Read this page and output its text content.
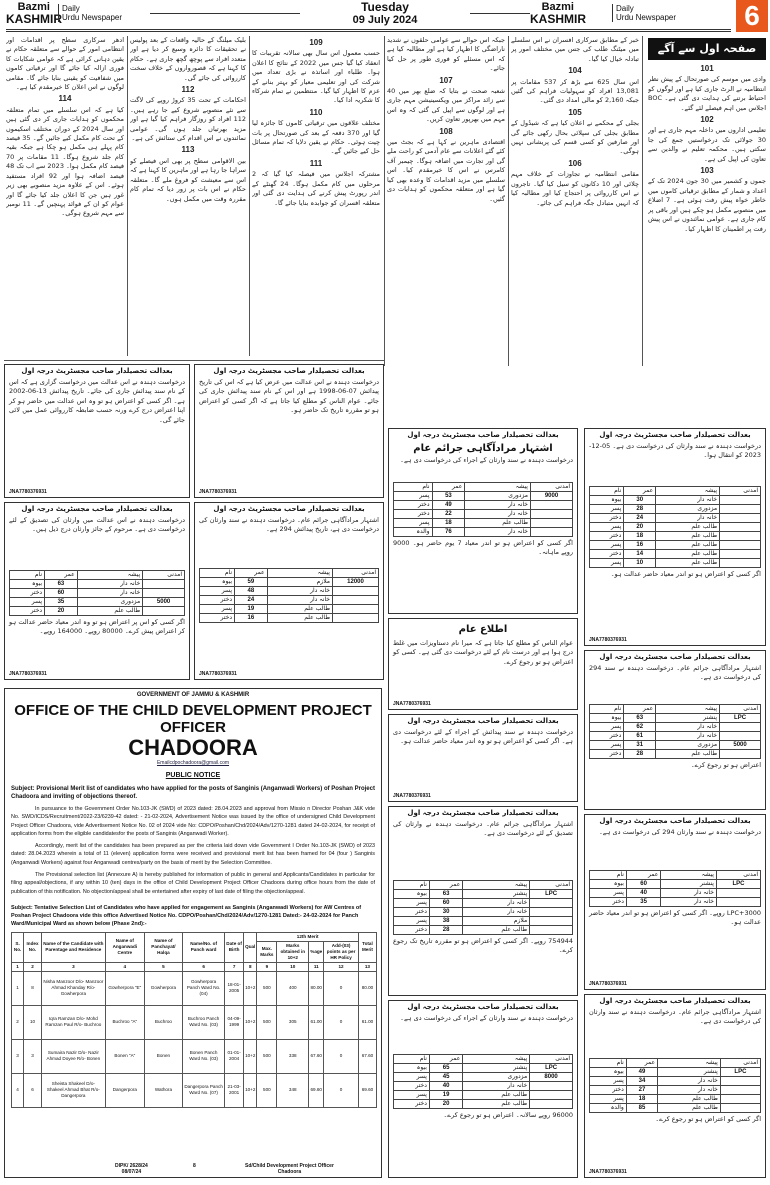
Bazmi
KASHMIR
Daily
Urdu Newspaper
Tuesday
09 July 2024
Bazmi
KASHMIR
Daily
Urdu Newspaper 6
ادھر سرکاری سطح پر اقدامات اور انتظامی امور کے حوالے سے متعلقہ حکام نے یقین دہانی کرائی ہے کہ عوامی شکایات کا فوری ازالہ کیا جائے گا اور ترقیاتی کاموں میں شفافیت کو یقینی بنایا جائے گا۔ مقامی لوگوں نے اس اعلان کا خیرمقدم کیا ہے۔
114
کیا ہے کہ اس سلسلے میں تمام متعلقہ محکموں کو ہدایات جاری کر دی گئی ہیں اور سال 2024 کے دوران مختلف اسکیموں کے تحت کام مکمل کیے جائیں گے۔ 35 فیصد کام پہلے ہی مکمل ہو چکا ہے جبکہ بقیہ کام جلد شروع ہوگا۔ 11 مقامات پر 70 فیصد کام مکمل ہوا۔ 2023 سے اب تک 48 فیصد اضافہ ہوا اور 92 افراد مستفید ہوئے۔ اس کے علاوہ مزید منصوبے بھی زیر غور ہیں جن کا اعلان جلد کیا جائے گا اور عوام کو ان کے فوائد پہنچیں گے۔ 11 نومبر سے مہم شروع ہوگی۔
بلیک میلنگ کے حالیہ واقعات کے بعد پولیس نے تحقیقات کا دائرہ وسیع کر دیا ہے اور متعدد افراد سے پوچھ گچھ جاری ہے۔ حکام کا کہنا ہے کہ قصورواروں کے خلاف سخت کارروائی کی جائے گی۔
112
احکامات کے تحت 35 کروڑ روپے کی لاگت سے نئے منصوبے شروع کیے جا رہے ہیں۔ 112 افراد کو روزگار فراہم کیا گیا ہے اور مزید بھرتیاں جلد ہوں گی۔ عوامی نمائندوں نے اس اقدام کی ستائش کی ہے۔
113
بین الاقوامی سطح پر بھی اس فیصلے کو سراہا جا رہا ہے اور ماہرین کا کہنا ہے کہ اس سے معیشت کو فروغ ملے گا۔ متعلقہ حکام نے اس بات پر زور دیا کہ تمام کام مقررہ وقت میں مکمل ہوں۔
109
حسب معمول اس سال بھی سالانہ تقریبات کا انعقاد کیا گیا جس میں 2022 کے نتائج کا اعلان ہوا۔ طلباء اور اساتذہ نے بڑی تعداد میں شرکت کی اور تعلیمی معیار کو بہتر بنانے کے عزم کا اظہار کیا گیا۔ منتظمین نے تمام شرکاء کا شکریہ ادا کیا۔
110
مختلف علاقوں میں ترقیاتی کاموں کا جائزہ لیا گیا اور 370 دفعہ کے بعد کی صورتحال پر بات چیت ہوئی۔ حکام نے یقین دلایا کہ تمام مسائل حل کیے جائیں گے۔
111
مشترکہ اجلاس میں فیصلہ کیا گیا کہ 2 مرحلوں میں کام مکمل ہوگا۔ 24 گھنٹے کے اندر رپورٹ پیش کرنے کی ہدایت دی گئی اور متعلقہ افسران کو جوابدہ بنایا جائے گا۔
جبکہ اس حوالے سے عوامی حلقوں نے شدید ناراضگی کا اظہار کیا ہے اور مطالبہ کیا ہے کہ اس مسئلے کو فوری طور پر حل کیا جائے۔
107
شعبہ صحت نے بتایا کہ ضلع بھر میں 40 سے زائد مراکز میں ویکسینیشن مہم جاری ہے اور لوگوں سے اپیل کی گئی کہ وہ اس مہم میں بھرپور تعاون کریں۔
108
اقتصادی ماہرین نے کہا ہے کہ بجٹ میں کئے گئے اعلانات سے عام آدمی کو راحت ملے گی اور تجارت میں اضافہ ہوگا۔ چیمبر آف کامرس نے اس کا خیرمقدم کیا۔ اس سلسلے میں مزید اقدامات کا وعدہ بھی کیا گیا ہے اور متعلقہ محکموں کو ہدایات دی گئیں۔
خبر کے مطابق سرکاری افسران نے اس سلسلے میں میٹنگ طلب کی جس میں مختلف امور پر تبادلہ خیال کیا گیا۔
104
اس سال 625 سے بڑھ کر 537 مقامات پر 13,081 افراد کو سہولیات فراہم کی گئیں جبکہ 2,160 کو مالی امداد دی گئی۔
105
بجلی کے محکمے نے اعلان کیا ہے کہ شیڈول کے مطابق بجلی کی سپلائی بحال رکھی جائے گی اور صارفین کو کسی قسم کی پریشانی نہیں ہوگی۔
106
مقامی انتظامیہ نے تجاوزات کے خلاف مہم چلائی اور 10 دکانوں کو سیل کیا گیا۔ تاجروں نے اس کارروائی پر احتجاج کیا اور مطالبہ کیا کہ انہیں متبادل جگہ فراہم کی جائے۔
صفحہ اول سے آگے
101
وادی میں موسم کی صورتحال کے پیش نظر انتظامیہ نے الرٹ جاری کیا ہے اور لوگوں کو احتیاط برتنے کی ہدایت دی گئی ہے۔ BOC اجلاس میں اہم فیصلے لئے گئے۔
102
تعلیمی اداروں میں داخلہ مہم جاری ہے اور 30 جولائی تک درخواستیں جمع کی جا سکتی ہیں۔ محکمہ تعلیم نے والدین سے تعاون کی اپیل کی ہے۔
103
جموں و کشمیر میں 30 جون 2024 تک کے اعداد و شمار کے مطابق ترقیاتی کاموں میں خاطر خواہ پیش رفت ہوئی ہے۔ 7 اضلاع میں منصوبے مکمل ہو چکے ہیں اور باقی پر کام جاری ہے۔ عوامی نمائندوں نے اس پیش رفت پر اطمینان کا اظہار کیا۔
بعدالت تحصیلدار صاحب مجسٹریٹ درجہ اول
درخواست دہندہ نے اس عدالت میں درخواست گزاری ہے کہ اس کے نام سند پیدائش جاری کی جائے۔ تاریخ پیدائش 13-06-2002 ہے۔ اگر کسی کو اعتراض ہو تو وہ اس عدالت میں حاضر ہو کر اپنا اعتراض درج کرے ورنہ حسب ضابطہ کارروائی عمل میں لائی جائے گی۔
JNA7780376931
بعدالت تحصیلدار صاحب مجسٹریٹ درجہ اول
درخواست دہندہ نے اس عدالت میں عرض کیا ہے کہ اس کی تاریخ پیدائش 07-06-1998 ہے اور اس کے نام سند پیدائش جاری کی جائے۔ عوام الناس کو مطلع کیا جاتا ہے کہ اگر کسی کو اعتراض ہو تو مقررہ تاریخ تک حاضر ہو۔
JNA7780376931
بعدالت تحصیلدار صاحب مجسٹریٹ درجہ اول
درخواست دہندہ نے اس عدالت میں وارثان کی تصدیق کے لئے درخواست دی ہے۔ مرحوم کے جائز وارثان درج ذیل ہیں۔
آمدنی	پیشہ	عمر	نام
	خانہ دار	63	بیوہ
	خانہ دار	60	دختر
5000	مزدوری	35	پسر
	طالب علم	20	دختر
اگر کسی کو اس پر اعتراض ہو تو وہ اندر معیاد حاضر عدالت ہو کر اعتراض پیش کرے۔ 80000 روپے۔ 164000 روپے۔
JNA7780376931
بعدالت تحصیلدار صاحب مجسٹریٹ درجہ اول
اشتہار مرادآگاہی جرائم عام۔ درخواست دہندہ نے سند وارثان کی درخواست دی ہے، تاریخ پیدائش 294 ہے۔
آمدنی	پیشہ	عمر	نام
12000	ملازم	59	بیوہ
	خانہ دار	48	پسر
	خانہ دار	24	دختر
	طالب علم	19	پسر
	طالب علم	16	دختر
JNA7780376931
GOVERNMENT OF JAMMU & KASHMIR
OFFICE OF THE CHILD DEVELOPMENT PROJECT OFFICER
CHADOORA
Emailcdpochadoora@gmail.com
PUBLIC NOTICE
Subject: Provisional Merit list of candidates who have applied for the posts of Sanginis (Anganwadi Workers) of Poshan Project Chadoora and inviting of objections thereof.
In pursuance to the Government Order No.103-JK (SWD) of 2023 dated: 28.04.2023 and approval from Missio n Director Poshan J&K vide No. SWD/ICDS/Recruitment/2022-23/6239-42 dated: - 21-02-2024, Advertisement Notice was issued by the office of undersigned Child Development Project Officer Chadoora, vide Advertisement Notice No. 02 of 2024 vide No: CDPO/Poshan/Chd/2024/Adv/1270-1281 dated 24-02-2024, for receipt of application forms from the eligible candidatesfor the posts of Sanginis (Anganwadi Worker).
Accordingly, merit list of the candidates has been prepared as per the criteria laid down vide Government I Order No.103-JK (SWD) of 2023 dated: 28.04.2023 wherein a total of 11 (eleven) application forms were received and provisional merit list has been framed for 04 (four ) Sanginis (Anganwadi Workers) against four Anganwadi centres/party on the basis of merit by the Selection Committee.
The Provisional selection list (Annexure A) is hereby published for information of public in general and Applicants/Candidates in particular for filing appeal/objections, if any within 10 (ten) days in the office of Child Development Project Officer Chadoora during office hours from the date of publication of this notification. No objection/appeal shall be entertained after expiry of last date of filing the objection/appeal.
Subject: Tentative Selection List of Candidates who have applied for engagement as Sanginis (Anganwadi Workers) for AW Centres of Poshan Project Chadoora vide this office Advertised Notice No. CDPO/Poshan/Chd/2024/Adv/1270-1281 Dated:- 24-02-2024 for Panch Ward/Municipal Ward as shown below (Phase 2nd):-
S. No.	Index No.	Name of the Candidate with Parentage and Residence	Name of Anganwadi Centre	Name of Panchayat/ Halqa	Name/No. of Panch ward	Date of Birth	Qual	12th Merit				Total Merit
								Max. Marks	Marks obtained in 10+2	%age	Add-(03) points as per HR Policy	
1	2	3	4	5	6	7	8	9	10	11	12	13
1	8	Nisha Manzoor D/o- Manzoor Ahmad Khanday R/o- Gowherpora	Gowherpora "E"	Gowherpora	Gowherpora Panch Ward No. (04)	18-01-2005	10+2	500	400	80.00	0	80.00
2	10	Iqra Ramzan D/o- Mohd Ramzan Paul R/o- Buchroo	Buchroo "A"	Buchroo	Buchroo Panch Ward No. (03)	04-09-1999	10+2	500	305	61.00	0	61.00
3	3	Sumaira Nazir D/o- Nazir Ahmad Doyee R/o- Bonen	Bonen "A"	Bonen	Bonen Panch Ward No. (03)	01-01-2004	10+2	500	338	67.60	0	67.60
4	6	Sheista Shakeel D/o- Shakeel Ahmad Bhat R/o- Dangerpora	Dangerpora	Wathora	Dangerpora Panch Ward No. (07)	21-03-2001	10+2	500	348	69.60	0	69.60
DIPK/ 2628/24
08/07/24
8	Sd/Child Development Project Officer
Chadoora
بعدالت تحصیلدار صاحب مجسٹریٹ درجہ اول
اشتہار مرادآگاہی جرائم عام
درخواست دہندہ نے سند وارثان کے اجراء کی درخواست دی ہے۔
آمدنی	پیشہ	عمر	نام
9000	مزدوری	53	پسر
	خانہ دار	49	دختر
	خانہ دار	22	دختر
	طالب علم	18	پسر
	خانہ دار	76	والدہ
اگر کسی کو اعتراض ہو تو اندر معیاد 7 یوم حاضر ہو۔ 9000 روپے ماہانہ۔
اطلاع عام
عوام الناس کو مطلع کیا جاتا ہے کہ میرا نام دستاویزات میں غلط درج ہوا ہے اور درست نام کے لئے درخواست دی گئی ہے۔ کسی کو اعتراض ہو تو رجوع کرے۔
JNA7780376931
بعدالت تحصیلدار صاحب مجسٹریٹ درجہ اول
درخواست دہندہ نے سند پیدائش کے اجراء کے لئے درخواست دی ہے۔ اگر کسی کو اعتراض ہو تو وہ اندر معیاد حاضر عدالت ہو۔
JNA7780376931
بعدالت تحصیلدار صاحب مجسٹریٹ درجہ اول
اشتہار مرادآگاہی جرائم عام۔ درخواست دہندہ نے وارثان کی تصدیق کے لئے درخواست دی ہے۔
آمدنی	پیشہ	عمر	نام
LPC	پنشنر	63	بیوہ
	خانہ دار	60	پسر
	خانہ دار	30	دختر
	ملازم	38	پسر
	طالب علم	28	دختر
754944 روپے۔ اگر کسی کو اعتراض ہو تو مقررہ تاریخ تک رجوع کرے۔
بعدالت تحصیلدار صاحب مجسٹریٹ درجہ اول
درخواست دہندہ نے سند وارثان کے اجراء کی درخواست دی ہے۔
آمدنی	پیشہ	عمر	نام
LPC	پنشنر	65	بیوہ
8000	مزدوری	45	پسر
	خانہ دار	40	دختر
	طالب علم	19	پسر
	طالب علم	20	دختر
96000 روپے سالانہ۔ اعتراض ہو تو رجوع کرے۔
بعدالت تحصیلدار صاحب مجسٹریٹ درجہ اول
درخواست دہندہ نے سند وارثان کی درخواست دی ہے۔ 05-12-2023 کو انتقال ہوا۔
آمدنی	پیشہ	عمر	نام
	خانہ دار	30	بیوہ
	مزدوری	28	پسر
	خانہ دار	24	دختر
	طالب علم	20	پسر
	طالب علم	18	دختر
	طالب علم	16	پسر
	طالب علم	14	دختر
	طالب علم	10	پسر
اگر کسی کو اعتراض ہو تو اندر معیاد حاضر عدالت ہو۔
JNA7780376931
بعدالت تحصیلدار صاحب مجسٹریٹ درجہ اول
اشتہار مرادآگاہی جرائم عام۔ درخواست دہندہ نے سند 294 کی درخواست دی ہے۔
آمدنی	پیشہ	عمر	نام
LPC	پنشنر	63	بیوہ
	خانہ دار	62	پسر
	خانہ دار	61	دختر
5000	مزدوری	31	پسر
	طالب علم	28	دختر
اعتراض ہو تو رجوع کرے۔
بعدالت تحصیلدار صاحب مجسٹریٹ درجہ اول
درخواست دہندہ نے سند وارثان 294 کی درخواست دی ہے۔
آمدنی	پیشہ	عمر	نام
LPC	پنشنر	60	بیوہ
	خانہ دار	40	پسر
	خانہ دار	35	دختر
LPC+3000 روپے۔ اگر کسی کو اعتراض ہو تو اندر معیاد حاضر عدالت ہو۔
JNA7780376931
بعدالت تحصیلدار صاحب مجسٹریٹ درجہ اول
اشتہار مرادآگاہی جرائم عام۔ درخواست دہندہ نے سند وارثان کی درخواست دی ہے۔
آمدنی	پیشہ	عمر	نام
LPC	پنشنر	49	بیوہ
	خانہ دار	34	پسر
	خانہ دار	27	دختر
	طالب علم	18	پسر
	طالب علم	85	والدہ
اگر کسی کو اعتراض ہو تو رجوع کرے۔
JNA7780376931
